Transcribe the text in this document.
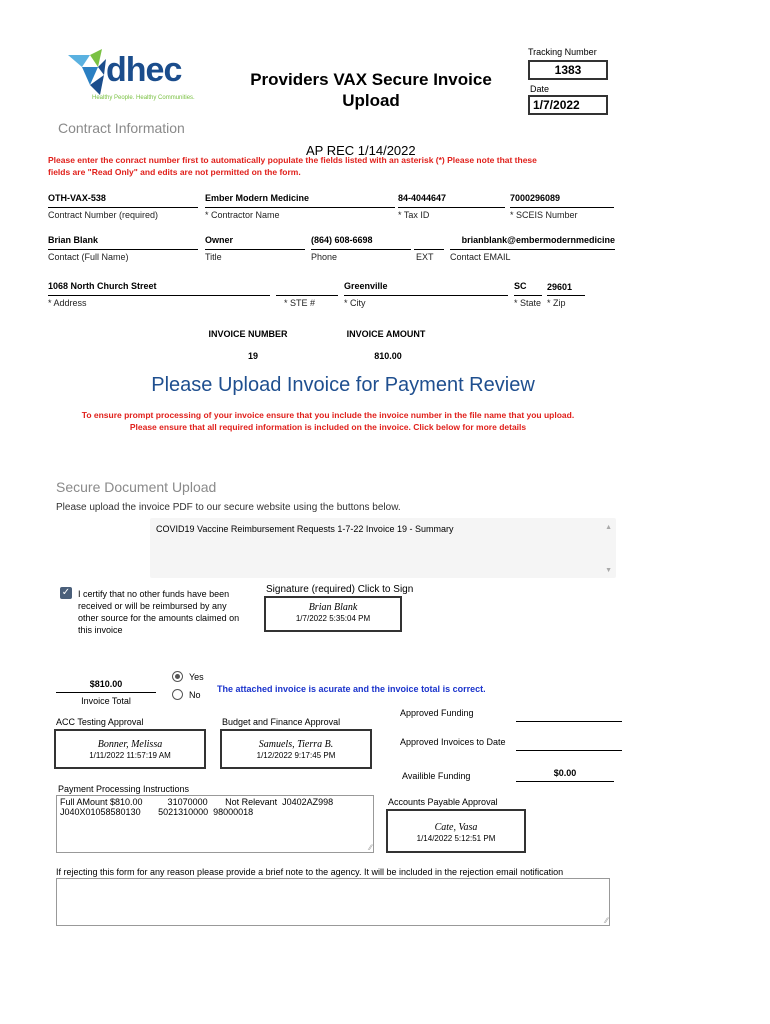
dhec
Healthy People. Healthy Communities.
Providers VAX Secure Invoice
Upload
Tracking Number
1383
Date
1/7/2022
Contract Information
AP REC 1/14/2022
Please enter the conract number first to automatically populate the fields listed with an asterisk (*) Please note that these
fields are "Read Only" and edits are not permitted on the form.
OTH-VAX-538
Contract Number (required)
Ember Modern Medicine
* Contractor Name
84-4044647
* Tax ID
7000296089
* SCEIS Number
Brian Blank
Contact (Full Name)
Owner
Title
(864) 608-6698
Phone	EXT
brianblank@embermodernmedicine
Contact EMAIL
1068 North Church Street
* Address	* STE #
Greenville
* City
SC
* State
29601
* Zip
INVOICE NUMBER
19
INVOICE AMOUNT
810.00
Please Upload Invoice for Payment Review
To ensure prompt processing of your invoice ensure that you include the invoice number in the file name that you upload.
Please ensure that all required information is included on the invoice. Click below for more details
Secure Document Upload
Please upload the invoice PDF to our secure website using the buttons below.
COVID19 Vaccine Reimbursement Requests 1-7-22 Invoice 19 - Summary	▲
▼
✓ I certify that no other funds have been
received or will be reimbursed by any
other source for the amounts claimed on
this invoice
Signature (required) Click to Sign
Brian Blank
1/7/2022 5:35:04 PM
$810.00
Invoice Total
Yes
No
The attached invoice is acurate and the invoice total is correct.
ACC Testing Approval
Bonner, Melissa
1/11/2022 11:57:19 AM
Budget and Finance Approval
Samuels, Tierra B.
1/12/2022 9:17:45 PM
Approved Funding
Approved Invoices to Date
Availible Funding	$0.00
Payment Processing Instructions
Full AMount $810.00          31070000       Not Relevant  J0402AZ998
J040X01058580130       5021310000  98000018
∕∕
Accounts Payable Approval
Cate, Vasa
1/14/2022 5:12:51 PM
If rejecting this form for any reason please provide a brief note to the agency. It will be included in the rejection email notification
∕∕
